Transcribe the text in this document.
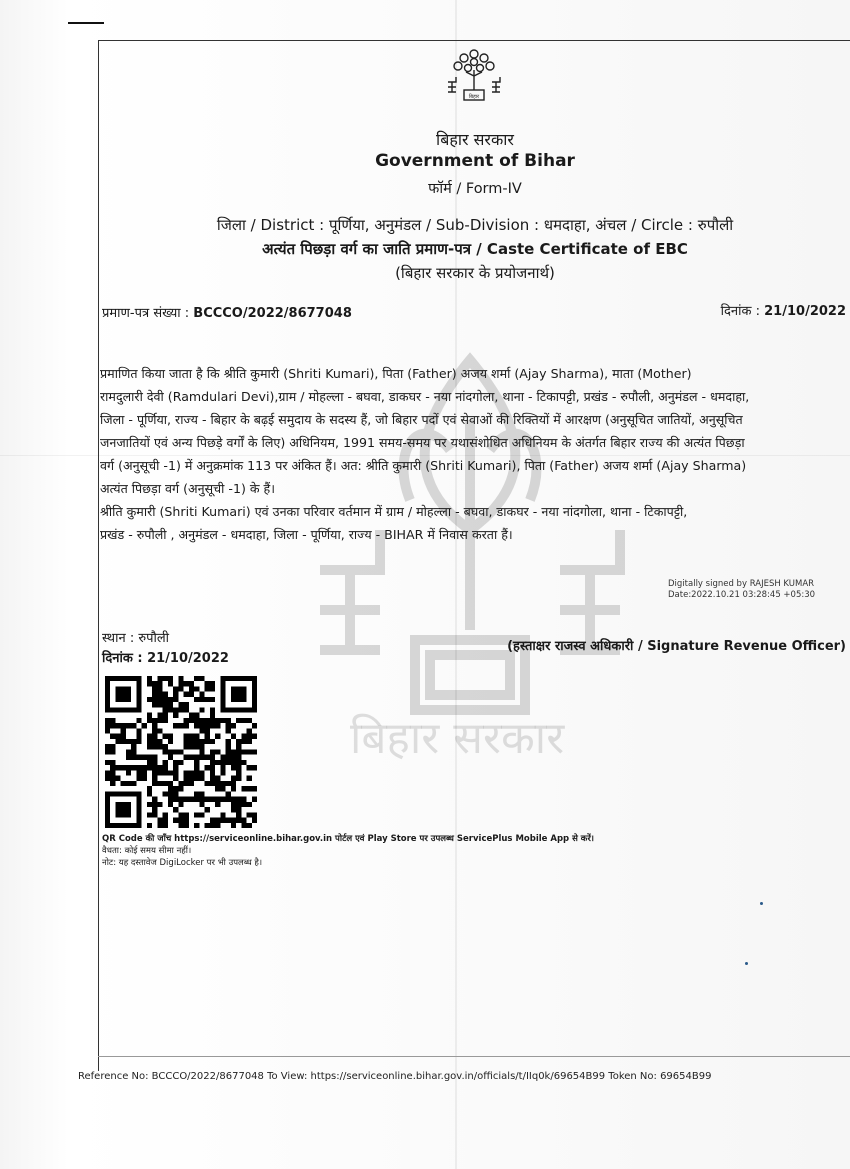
बिहार सरकार
बिहार
बिहार सरकार
Government of Bihar
फॉर्म / Form-IV
जिला / District : पूर्णिया, अनुमंडल / Sub-Division : धमदाहा, अंचल / Circle : रुपौली
अत्यंत पिछड़ा वर्ग का जाति प्रमाण-पत्र / Caste Certificate of EBC
(बिहार सरकार के प्रयोजनार्थ)
प्रमाण-पत्र संख्या : BCCCO/2022/8677048	दिनांक : 21/10/2022
प्रमाणित किया जाता है कि श्रीति कुमारी (Shriti Kumari), पिता (Father) अजय शर्मा (Ajay Sharma), माता (Mother)
रामदुलारी देवी (Ramdulari Devi),ग्राम / मोहल्ला - बघवा, डाकघर - नया नांदगोला, थाना - टिकापट्टी, प्रखंड - रुपौली, अनुमंडल - धमदाहा,
जिला - पूर्णिया, राज्य - बिहार के बढ़ई समुदाय के सदस्य हैं, जो बिहार पदों एवं सेवाओं की रिक्तियों में आरक्षण (अनुसूचित जातियों, अनुसूचित
जनजातियों एवं अन्य पिछड़े वर्गों के लिए) अधिनियम, 1991 समय-समय पर यथासंशोधित अधिनियम के अंतर्गत बिहार राज्य की अत्यंत पिछड़ा
वर्ग (अनुसूची -1) में अनुक्रमांक 113 पर अंकित हैं। अत: श्रीति कुमारी (Shriti Kumari), पिता (Father) अजय शर्मा (Ajay Sharma)
अत्यंत पिछड़ा वर्ग (अनुसूची -1) के हैं।
श्रीति कुमारी (Shriti Kumari) एवं उनका परिवार वर्तमान में ग्राम / मोहल्ला - बघवा, डाकघर - नया नांदगोला, थाना - टिकापट्टी,
प्रखंड - रुपौली , अनुमंडल - धमदाहा, जिला - पूर्णिया, राज्य - BIHAR में निवास करता हैं।
Digitally signed by RAJESH KUMAR
Date:2022.10.21 03:28:45 +05:30
स्थान : रुपौली
दिनांक : 21/10/2022
(हस्ताक्षर राजस्व अधिकारी / Signature Revenue Officer)
QR Code की जाँच https://serviceonline.bihar.gov.in पोर्टल एवं Play Store पर उपलब्ध ServicePlus Mobile App से करें।
वैधता: कोई समय सीमा नहीं।
नोट: यह दस्तावेज DigiLocker पर भी उपलब्ध है।
Reference No: BCCCO/2022/8677048 To View: https://serviceonline.bihar.gov.in/officials/t/IIq0k/69654B99 Token No: 69654B99
